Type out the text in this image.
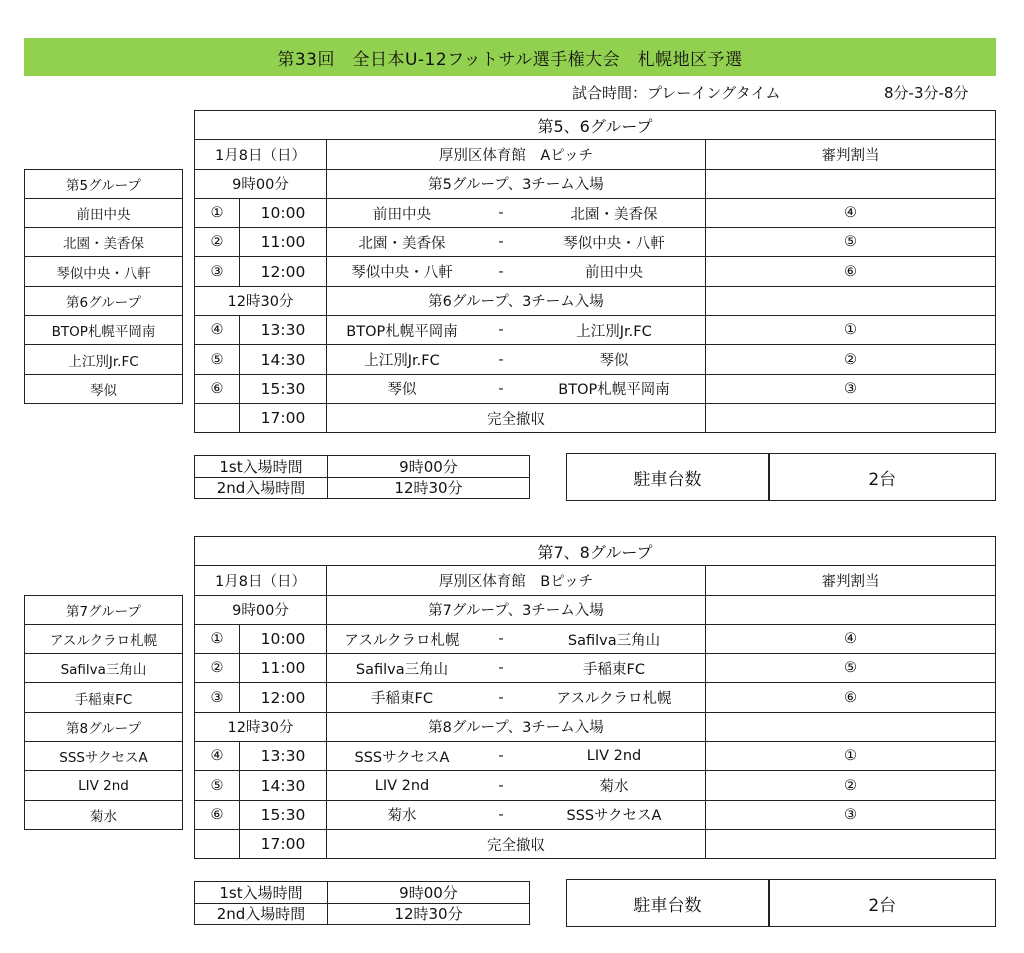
第33回　全日本U-12フットサル選手権大会　札幌地区予選
試合時間：プレーイングタイム	8分-3分-8分
第5、6グループ
1月8日（日）	厚別区体育館　Aピッチ	審判割当
9時00分	第5グループ、3チーム入場
①	10:00	前田中央	-	北園・美香保	④
②	11:00	北園・美香保	-	琴似中央・八軒	⑤
③	12:00	琴似中央・八軒	-	前田中央	⑥
12時30分	第6グループ、3チーム入場
④	13:30	BTOP札幌平岡南	-	上江別Jr.FC	①
⑤	14:30	上江別Jr.FC	-	琴似	②
⑥	15:30	琴似	-	BTOP札幌平岡南	③
17:00	完全撤収
第5グループ
前田中央
北園・美香保
琴似中央・八軒
第6グループ
BTOP札幌平岡南
上江別Jr.FC
琴似
1st入場時間	9時00分
2nd入場時間	12時30分	駐車台数	2台
第7、8グループ
1月8日（日）	厚別区体育館　Bピッチ	審判割当
9時00分	第7グループ、3チーム入場
①	10:00	アスルクラロ札幌	-	Safilva三角山	④
②	11:00	Safilva三角山	-	手稲東FC	⑤
③	12:00	手稲東FC	-	アスルクラロ札幌	⑥
12時30分	第8グループ、3チーム入場
④	13:30	SSSサクセスA	-	LIV 2nd	①
⑤	14:30	LIV 2nd	-	菊水	②
⑥	15:30	菊水	-	SSSサクセスA	③
17:00	完全撤収
第7グループ
アスルクラロ札幌
Safilva三角山
手稲東FC
第8グループ
SSSサクセスA
LIV 2nd
菊水
1st入場時間	9時00分
2nd入場時間	12時30分	駐車台数	2台
